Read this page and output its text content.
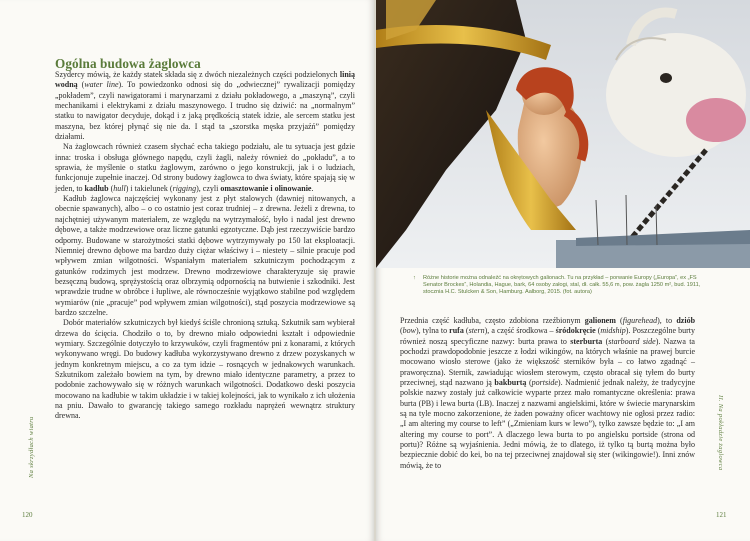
Ogólna budowa żaglowca

Szydercy mówią, że każdy statek składa się z dwóch niezależnych części podzielonych linią wodną (water line). To powiedzonko odnosi się do „odwiecznej” rywalizacji pomiędzy „pokładem”, czyli nawigatorami i marynarzami z działu pokładowego, a „maszyną”, czyli mechanikami i elektrykami z działu maszynowego. I trudno się dziwić: na „normalnym” statku to nawigator decyduje, dokąd i z jaką prędkością statek idzie, ale sercem statku jest maszyna, bez której płynąć się nie da. I stąd ta „szorstka męska przyjaźń” pomiędzy działami.

Na żaglowcach również czasem słychać echa takiego podziału, ale tu sytuacja jest gdzie inna: troska i obsługa głównego napędu, czyli żagli, należy również do „pokładu”, a to sprawia, że myślenie o statku żaglowym, zarówno o jego konstrukcji, jak i o ludziach, funkcjonuje zupełnie inaczej. Od strony budowy żaglowca to dwa światy, które spajają się w jeden, to kadłub (hull) i takielunek (rigging), czyli omasztowanie i olinowanie.

Kadłub żaglowca najczęściej wykonany jest z płyt stalowych (dawniej nitowanych, a obecnie spawanych), albo – o co ostatnio jest coraz trudniej – z drewna. Jeżeli z drewna, to najchętniej używanym materiałem, ze względu na wytrzymałość, było i nadal jest drewno dębowe, a także modrzewiowe oraz liczne gatunki egzotyczne. Dąb jest rzeczywiście bardzo odporny. Budowane w starożytności statki dębowe wytrzymywały po 150 lat eksploatacji. Niemniej drewno dębowe ma bardzo duży ciężar właściwy i – niestety – silnie pracuje pod wpływem zmian wilgotności. Wspaniałym materiałem szkutniczym pochodzącym z gatunków rodzimych jest modrzew. Drewno modrzewiowe charakteryzuje się prawie bezsęczną budową, sprężystością oraz olbrzymią odpornością na butwienie i szkodniki. Jest wprawdzie trudne w obróbce i łupliwe, ale równocześnie wyjątkowo stabilne pod względem wymiarów (nie „pracuje” pod wpływem zmian wilgotności), stąd poszycia modrzewiowe są bardzo szczelne.

Dobór materiałów szkutniczych był kiedyś ściśle chronioną sztuką. Szkutnik sam wybierał drzewa do ścięcia. Chodziło o to, by drewno miało odpowiedni kształt i odpowiednie wymiary. Szczególnie dotyczyło to krzywuków, czyli fragmentów pni z konarami, z których wykonywano wręgi. Do budowy kadłuba wykorzystywano drewno z drzew pozyskanych w jednym konkretnym miejscu, a co za tym idzie – rosnących w jednakowych warunkach. Szkutnikom zależało bowiem na tym, by drewno miało identyczne parametry, a przez to podobnie zachowywało się w różnych warunkach wilgotności. Dodatkowo deski poszycia mocowano na kadłubie w takim układzie i w takiej kolejności, jak to wynikało z ich ułożenia na pniu. Dawało to gwarancję takiego samego rozkładu naprężeń wewnątrz struktury drewna.

Na skrzydłach wiatru
120
↑ Różne historie można odnaleźć na okrętowych galionach. Tu na przykład – porwanie Europy („Europa”, ex „FS Senator Brockes”, Holandia, Hague, bark, 64 osoby załogi, stal, dł. całk. 55,6 m, pow. żagla 1250 m², bud. 1911, stocznia H.C. Stulcken & Son, Hamburg. Aalborg, 2015. (fot. autora)

Przednia część kadłuba, często zdobiona rzeźbionym galionem (figurehead), to dziób (bow), tylna to rufa (stern), a część środkowa – śródokręcie (midship). Poszczególne burty również noszą specyficzne nazwy: burta prawa to sterburta (starboard side). Nazwa ta pochodzi prawdopodobnie jeszcze z łodzi wikingów, na których właśnie na prawej burcie mocowano wiosło sterowe (jako że większość sterników była – co łatwo zgadnąć – praworęczna). Sternik, zawiadując wiosłem sterowym, często obracał się tyłem do burty przeciwnej, stąd nazwano ją bakburtą (portside). Nadmienić jednak należy, że tradycyjne polskie nazwy zostały już całkowicie wyparte przez mało romantyczne określenia: prawa burta (PB) i lewa burta (LB). Inaczej z nazwami angielskimi, które w świecie marynarskim są na tyle mocno zakorzenione, że żaden poważny oficer wachtowy nie ogłosi przez radio: „I am altering my course to left” („Zmieniam kurs w lewo”), tylko zawsze będzie to: „I am altering my course to port”. A dlaczego lewa burta to po angielsku portside (strona od portu)? Różne są wyjaśnienia. Jedni mówią, że to dlatego, iż tylko tą burtą można było bezpiecznie dobić do kei, bo na tej przeciwnej znajdował się ster (wikingowie!). Inni znów mówią, że to	II. Na pokładzie żaglowca
121
